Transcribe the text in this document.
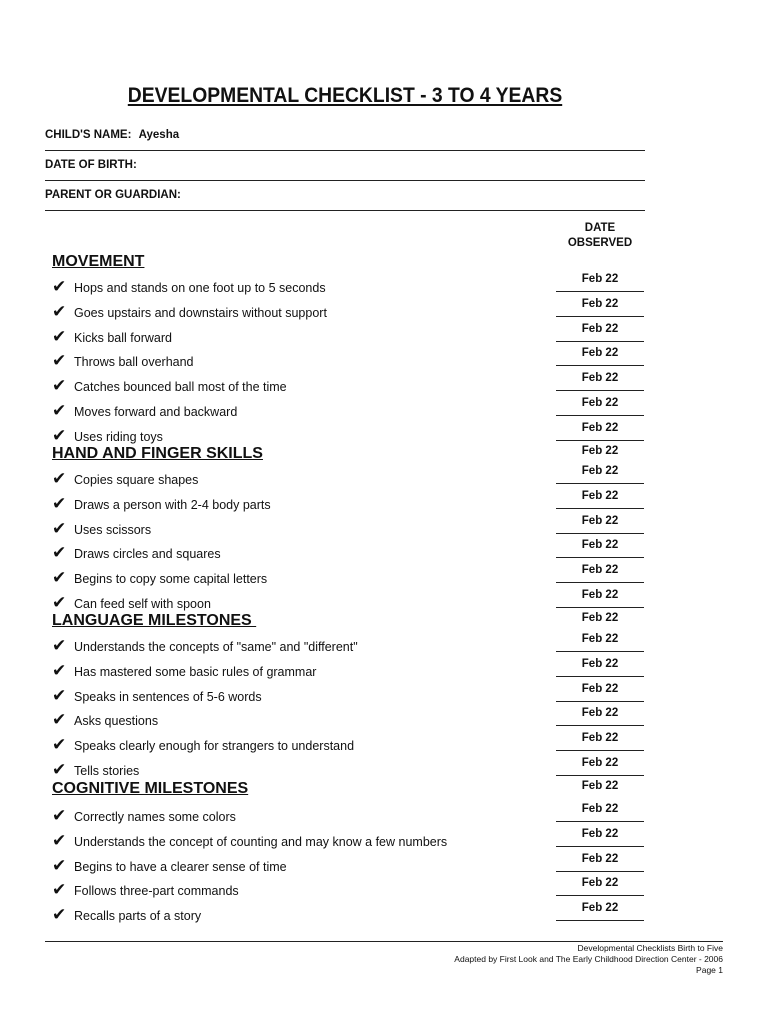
DEVELOPMENTAL CHECKLIST - 3 TO 4 YEARS
CHILD'S NAME: Ayesha
DATE OF BIRTH:
PARENT OR GUARDIAN:
DATE
OBSERVED
MOVEMENT
✔ Hops and stands on one foot up to 5 seconds
Feb 22
✔ Goes upstairs and downstairs without support
Feb 22
✔ Kicks ball forward
Feb 22
✔ Throws ball overhand
Feb 22
✔ Catches bounced ball most of the time
Feb 22
✔ Moves forward and backward
Feb 22
✔ Uses riding toys
Feb 22
Feb 22
HAND AND FINGER SKILLS
✔ Copies square shapes
Feb 22
✔ Draws a person with 2-4 body parts
Feb 22
✔ Uses scissors
Feb 22
✔ Draws circles and squares
Feb 22
✔ Begins to copy some capital letters
Feb 22
✔ Can feed self with spoon
Feb 22
Feb 22
LANGUAGE MILESTONES
✔ Understands the concepts of "same" and "different"
Feb 22
✔ Has mastered some basic rules of grammar
Feb 22
✔ Speaks in sentences of 5-6 words
Feb 22
✔ Asks questions
Feb 22
✔ Speaks clearly enough for strangers to understand
Feb 22
✔ Tells stories
Feb 22
Feb 22
COGNITIVE MILESTONES
✔ Correctly names some colors
Feb 22
✔ Understands the concept of counting and may know a few numbers
Feb 22
✔ Begins to have a clearer sense of time
Feb 22
✔ Follows three-part commands
Feb 22
✔ Recalls parts of a story
Feb 22
Developmental Checklists Birth to Five
Adapted by First Look and The Early Childhood Direction Center - 2006
Page 1
